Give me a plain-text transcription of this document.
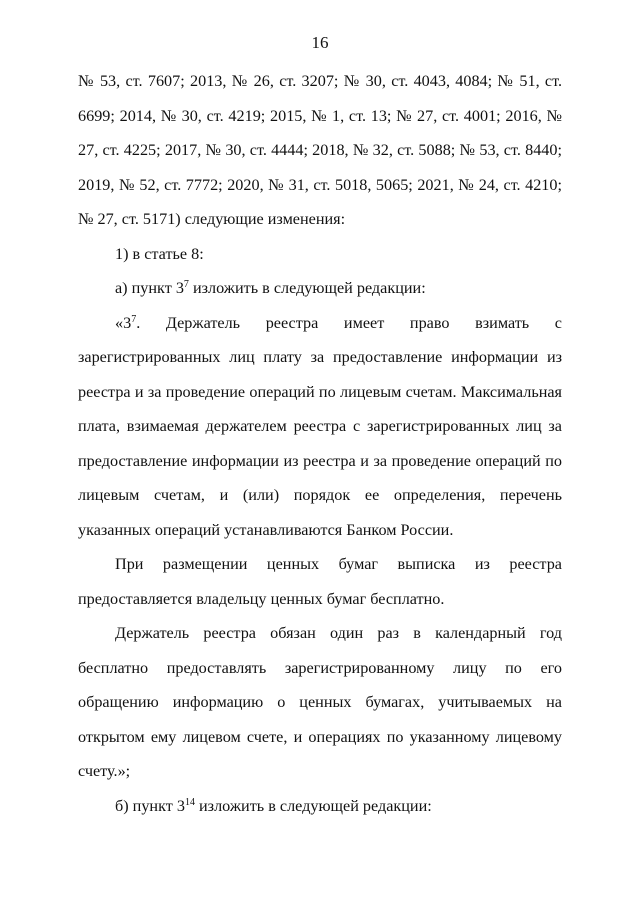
16

№ 53, ст. 7607; 2013, № 26, ст. 3207; № 30, ст. 4043, 4084; № 51, ст. 6699; 2014, № 30, ст. 4219; 2015, № 1, ст. 13; № 27, ст. 4001; 2016, № 27, ст. 4225; 2017, № 30, ст. 4444; 2018, № 32, ст. 5088; № 53, ст. 8440; 2019, № 52, ст. 7772; 2020, № 31, ст. 5018, 5065; 2021, № 24, ст. 4210; № 27, ст. 5171) следующие изменения:

1) в статье 8:

а) пункт $3^7$ изложить в следующей редакции:

«$3^7$. Держатель реестра имеет право взимать с зарегистрированных лиц плату за предоставление информации из реестра и за проведение операций по лицевым счетам. Максимальная плата, взимаемая держателем реестра с зарегистрированных лиц за предоставление информации из реестра и за проведение операций по лицевым счетам, и (или) порядок ее определения, перечень указанных операций устанавливаются Банком России.

При размещении ценных бумаг выписка из реестра предоставляется владельцу ценных бумаг бесплатно.

Держатель реестра обязан один раз в календарный год бесплатно предоставлять зарегистрированному лицу по его обращению информацию о ценных бумагах, учитываемых на открытом ему лицевом счете, и операциях по указанному лицевому счету.»;

б) пункт $3^{14}$ изложить в следующей редакции:
